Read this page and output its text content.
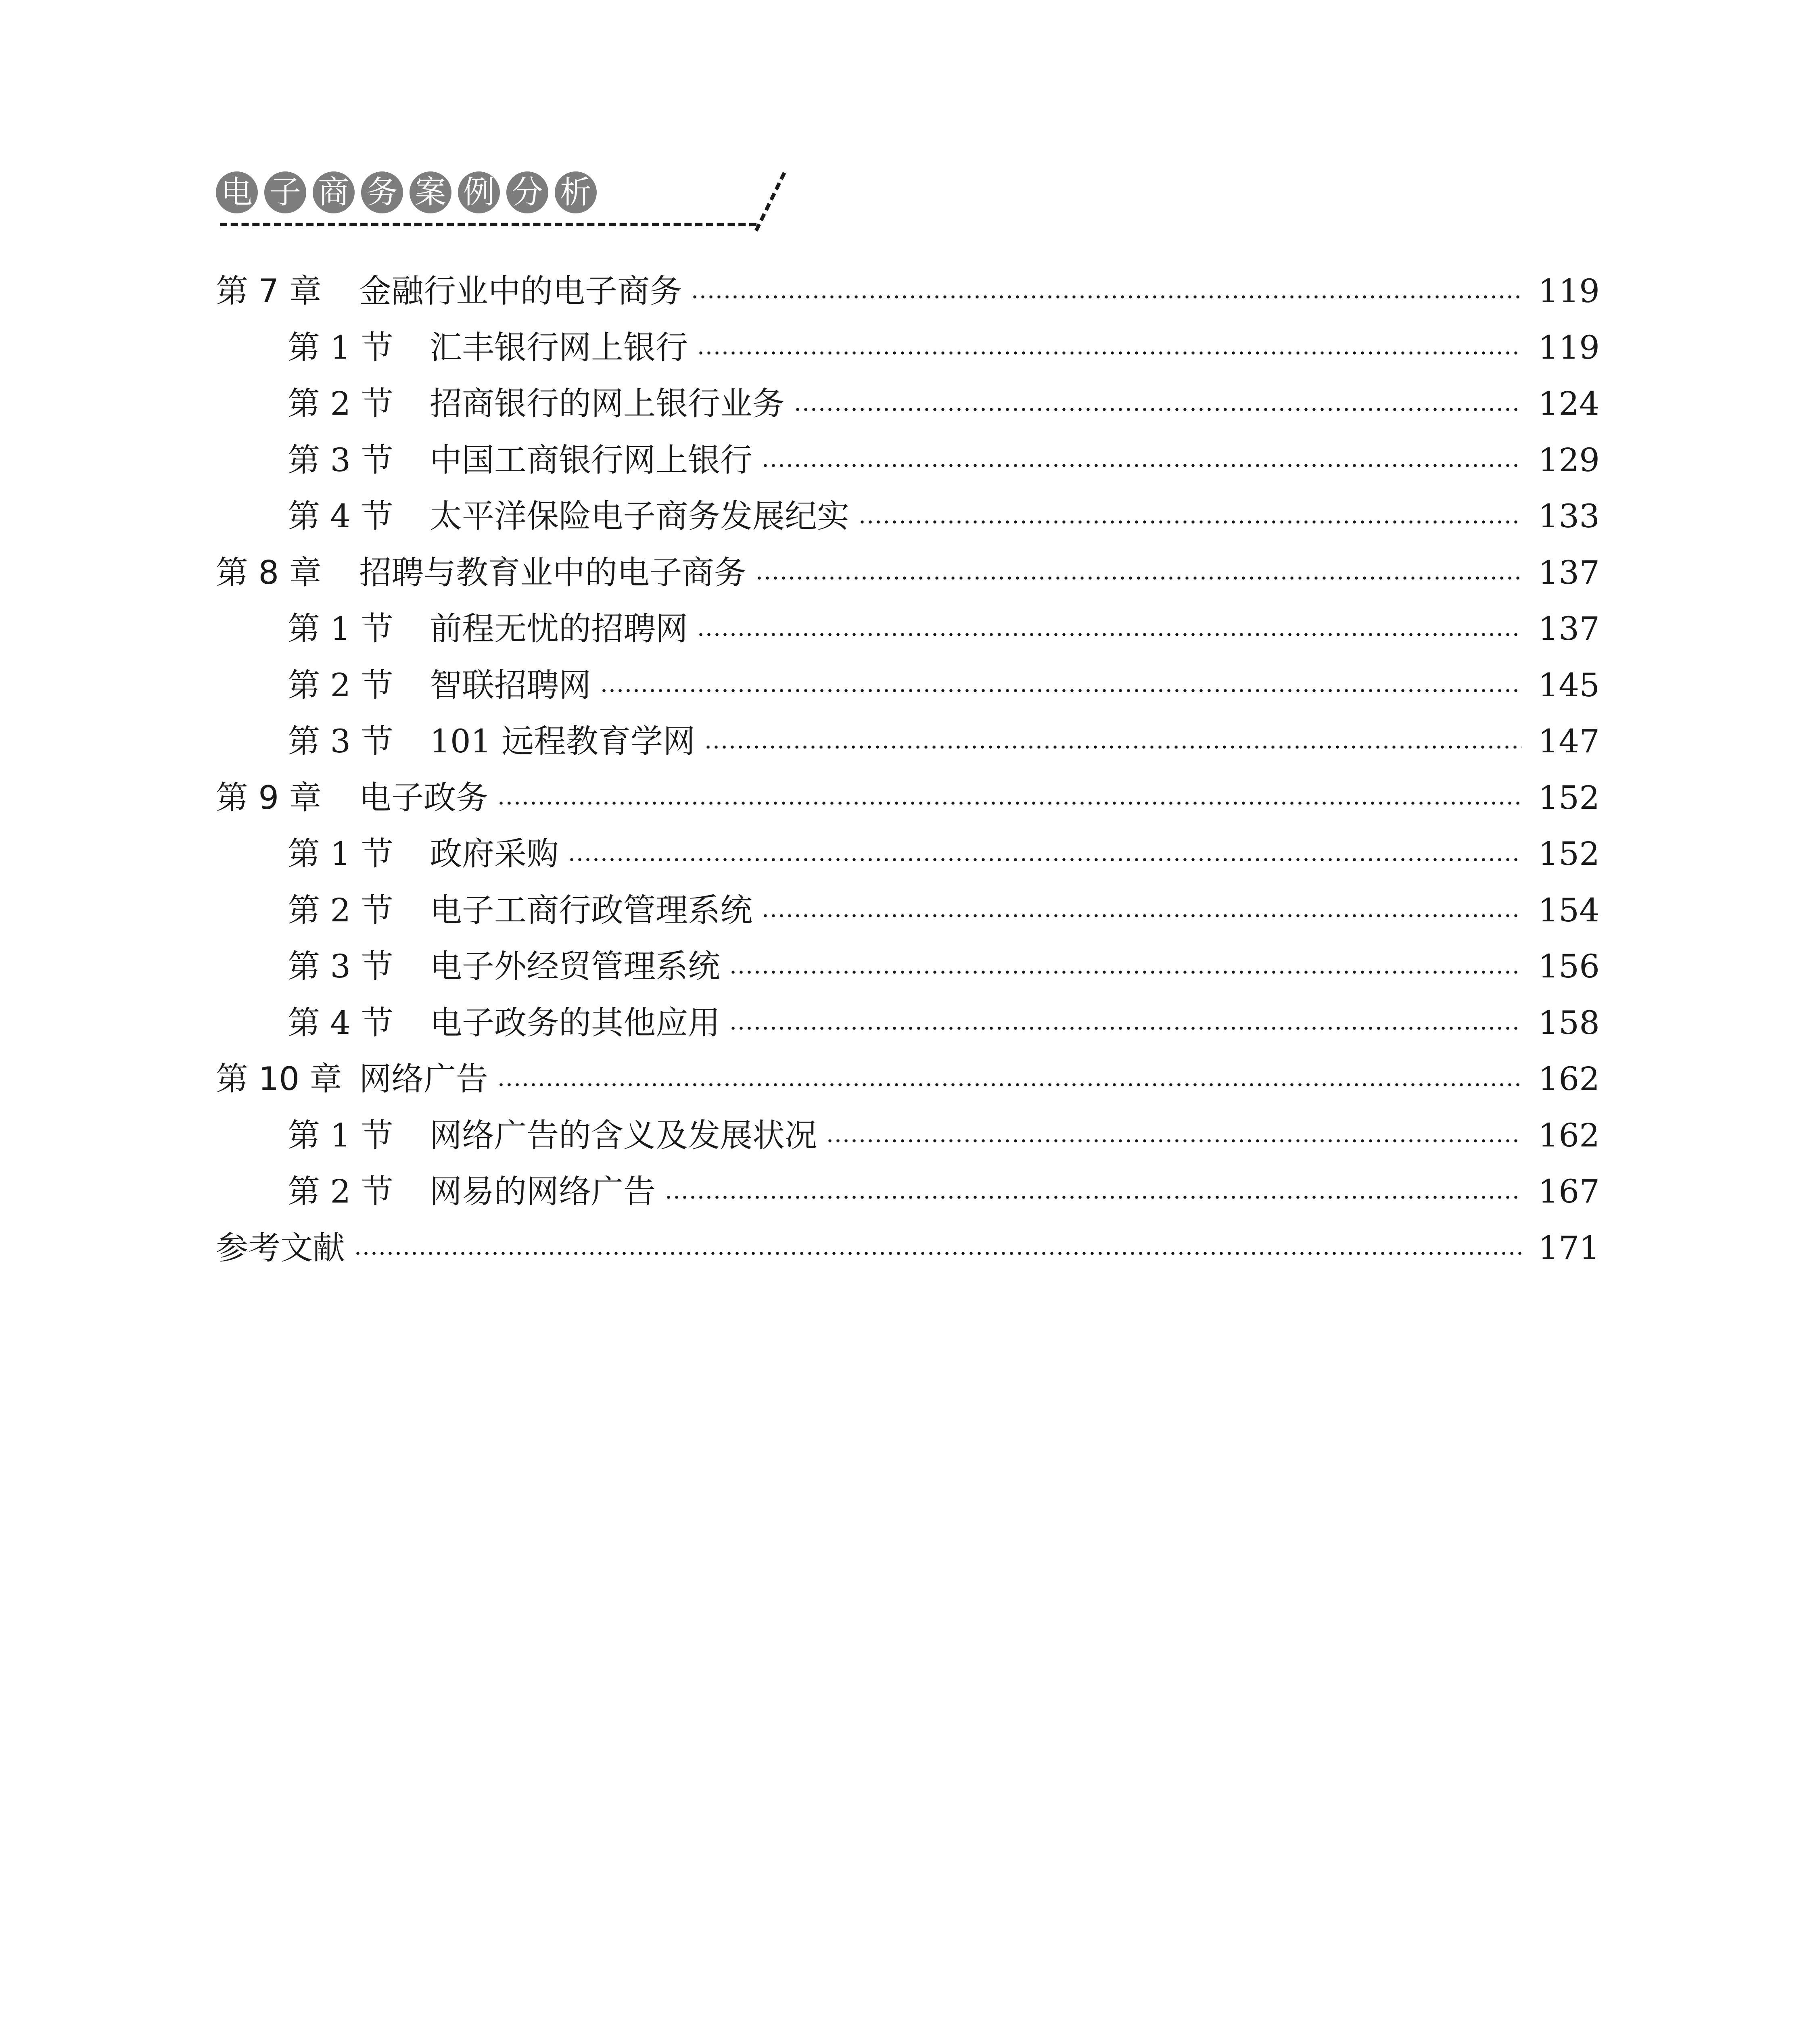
电 子 商 务 案 例 分 析
第 7 章	金融行业中的电子商务	119
第 1 节	汇丰银行网上银行	119
第 2 节	招商银行的网上银行业务	124
第 3 节	中国工商银行网上银行	129
第 4 节	太平洋保险电子商务发展纪实	133
第 8 章	招聘与教育业中的电子商务	137
第 1 节	前程无忧的招聘网	137
第 2 节	智联招聘网	145
第 3 节	101 远程教育学网	147
第 9 章	电子政务	152
第 1 节	政府采购	152
第 2 节	电子工商行政管理系统	154
第 3 节	电子外经贸管理系统	156
第 4 节	电子政务的其他应用	158
第 10 章 网络广告	162
第 1 节	网络广告的含义及发展状况	162
第 2 节	网易的网络广告	167
参考文献	171
